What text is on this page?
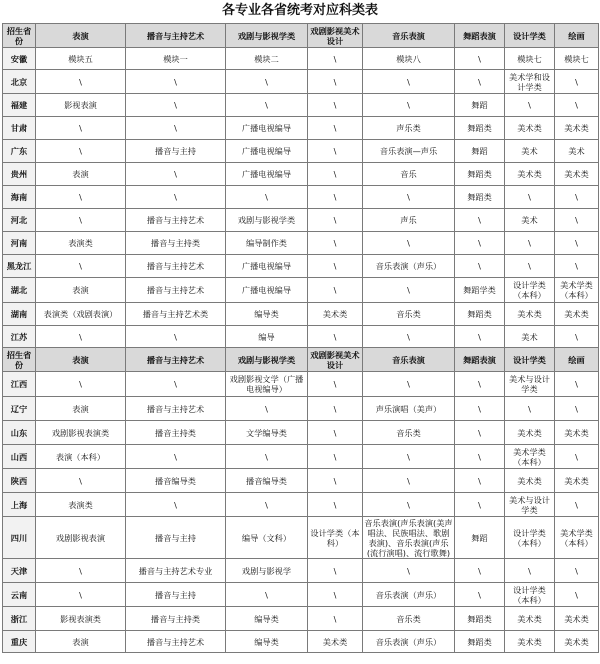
各专业各省统考对应科类表
招生省份	表演	播音与主持艺术	戏剧与影视学类	戏剧影视美术设计	音乐表演	舞蹈表演	设计学类	绘画
安徽	模块五	模块一	模块二	\	模块八	\	模块七	模块七
北京	\	\	\	\	\	\	美术学和设计学类	\
福建	影视表演	\	\	\	\	舞蹈	\	\
甘肃	\	\	广播电视编导	\	声乐类	舞蹈类	美术类	美术类
广东	\	播音与主持	广播电视编导	\	音乐表演—声乐	舞蹈	美术	美术
贵州	表演	\	广播电视编导	\	音乐	舞蹈类	美术类	美术类
海南	\	\	\	\	\	舞蹈类	\	\
河北	\	播音与主持艺术	戏剧与影视学类	\	声乐	\	美术	\
河南	表演类	播音与主持类	编导制作类	\	\	\	\	\
黑龙江	\	播音与主持艺术	广播电视编导	\	音乐表演（声乐）	\	\	\
湖北	表演	播音与主持艺术	广播电视编导	\	\	舞蹈学类	设计学类（本科）	美术学类（本科）
湖南	表演类（戏剧表演）	播音与主持艺术类	编导类	美术类	音乐类	舞蹈类	美术类	美术类
江苏	\	\	编导	\	\	\	美术	\
招生省份	表演	播音与主持艺术	戏剧与影视学类	戏剧影视美术设计	音乐表演	舞蹈表演	设计学类	绘画
江西	\	\	戏剧影视文学（广播电视编导）	\	\	\	美术与设计学类	\
辽宁	表演	播音与主持艺术	\	\	声乐演唱（美声）	\	\	\
山东	戏剧影视表演类	播音主持类	文学编导类	\	音乐类	\	美术类	美术类
山西	表演（本科）	\	\	\	\	\	美术学类（本科）	\
陕西	\	播音编导类	播音编导类	\	\	\	美术类	美术类
上海	表演类	\	\	\	\	\	美术与设计学类	\
四川	戏剧影视表演	播音与主持	编导（文科）	设计学类（本科）	音乐表演(声乐表演(美声唱法、民族唱法、歌剧表演)、音乐表演(声乐(流行演唱)、流行歌舞)	舞蹈	设计学类（本科）	美术学类（本科）
天津	\	播音与主持艺术专业	戏剧与影视学	\	\	\	\	\
云南	\	播音与主持	\	\	音乐表演（声乐）	\	设计学类（本科）	\
浙江	影视表演类	播音与主持类	编导类	\	音乐类	舞蹈类	美术类	美术类
重庆	表演	播音与主持艺术	编导类	美术类	音乐表演（声乐）	舞蹈类	美术类	美术类
